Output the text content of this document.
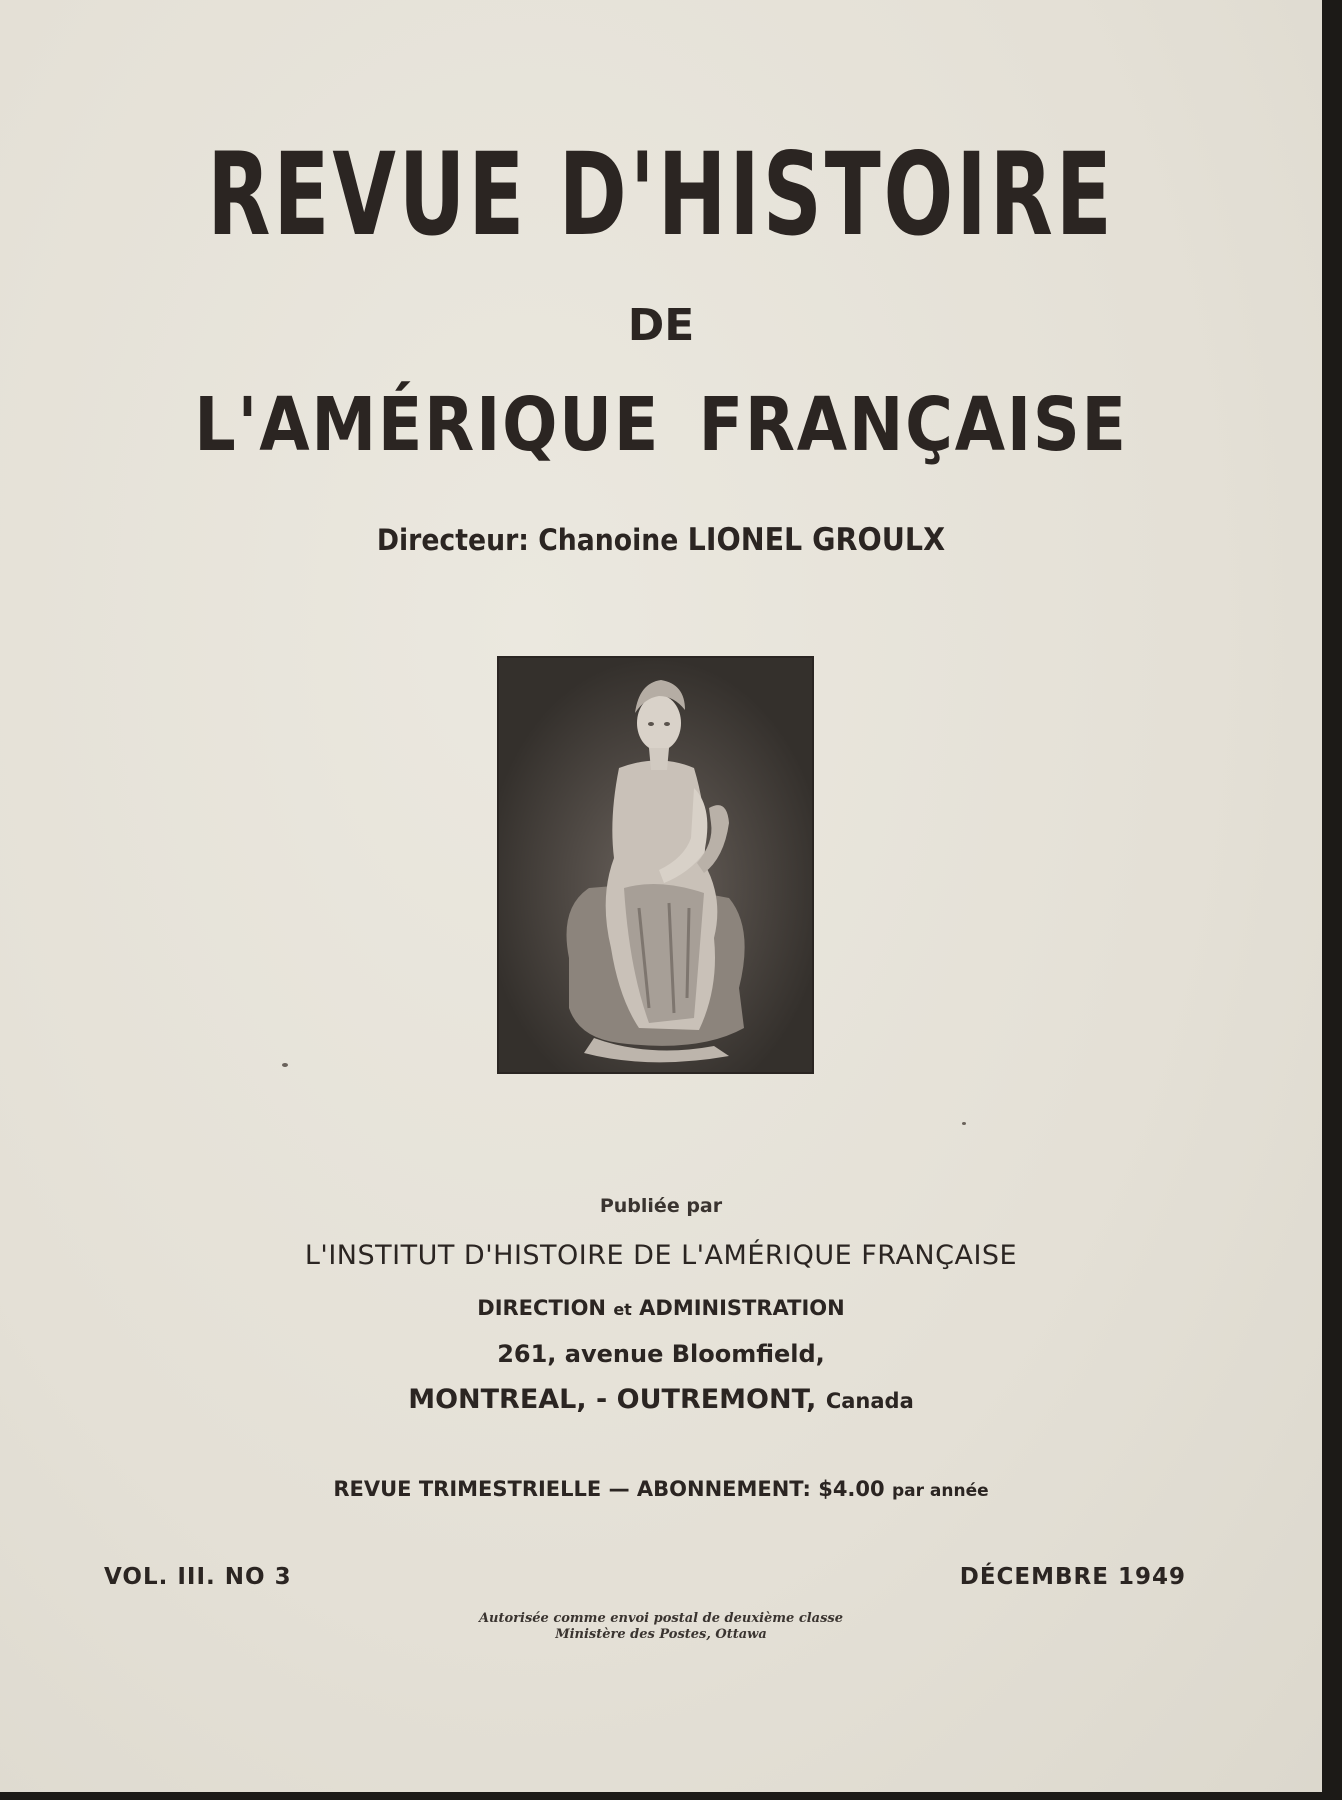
REVUE D'HISTOIRE
DE
L'AMÉRIQUE FRANÇAISE
Directeur: Chanoine LIONEL GROULX
Publiée par
L'INSTITUT D'HISTOIRE DE L'AMÉRIQUE FRANÇAISE
DIRECTION et ADMINISTRATION
261, avenue Bloomfield,
MONTREAL, - OUTREMONT, Canada
REVUE TRIMESTRIELLE — ABONNEMENT: $4.00 par année
VOL. III. NO 3	DÉCEMBRE 1949
Autorisée comme envoi postal de deuxième classe
Ministère des Postes, Ottawa
